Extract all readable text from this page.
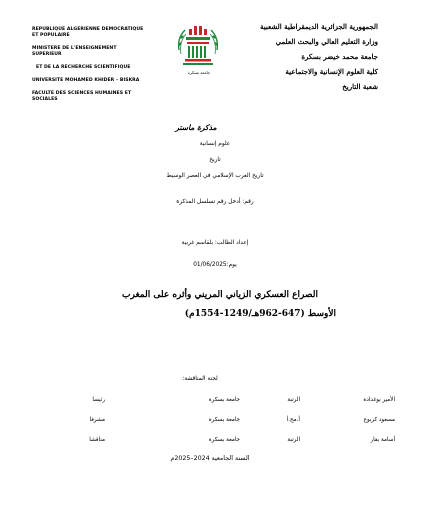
REPUBLIQUE ALGERIENNE DEMOCRATIQUE ET POPULAIRE
MINISTERE DE L'ENSEIGNEMENT SUPERIEUR
ET DE LA RECHERCHE SCIENTIFIQUE
UNIVERSITE MOHAMED KHIDER – BISKRA
FACULTE DES SCIENCES HUMAINES ET SOCIALES
جامعة بسكرة
الجمهورية الجزائرية الديمقراطية الشعبية
وزارة التعليم العالي والبحث العلمي
جامعة محمد خيضر بسكرة
كلية العلوم الإنسانية والاجتماعية
شعبة التاريخ
مذكرة ماستر
علوم إنسانية
تاريخ
تاريخ الغرب الإسلامي في العصر الوسيط
رقم: أدخل رقم تسلسل المذكرة
إعداد الطالب: بلقاسم غربية
يوم:01/06/2025
الصراع العسكري الزياني المريني وأثره على المغرب
الأوسط (647-962هـ/1249-1554م)
لجنة المناقشة:
الأمير بوغدادة
الرتبة
جامعة بسكرة
رئيسا
مسعود كربوع
أ.مح.أ
جامعة بسكرة
مشرفا
أسامة بقار
الرتبة
جامعة بسكرة
مناقشا
السنة الجامعية 2024–2025م
